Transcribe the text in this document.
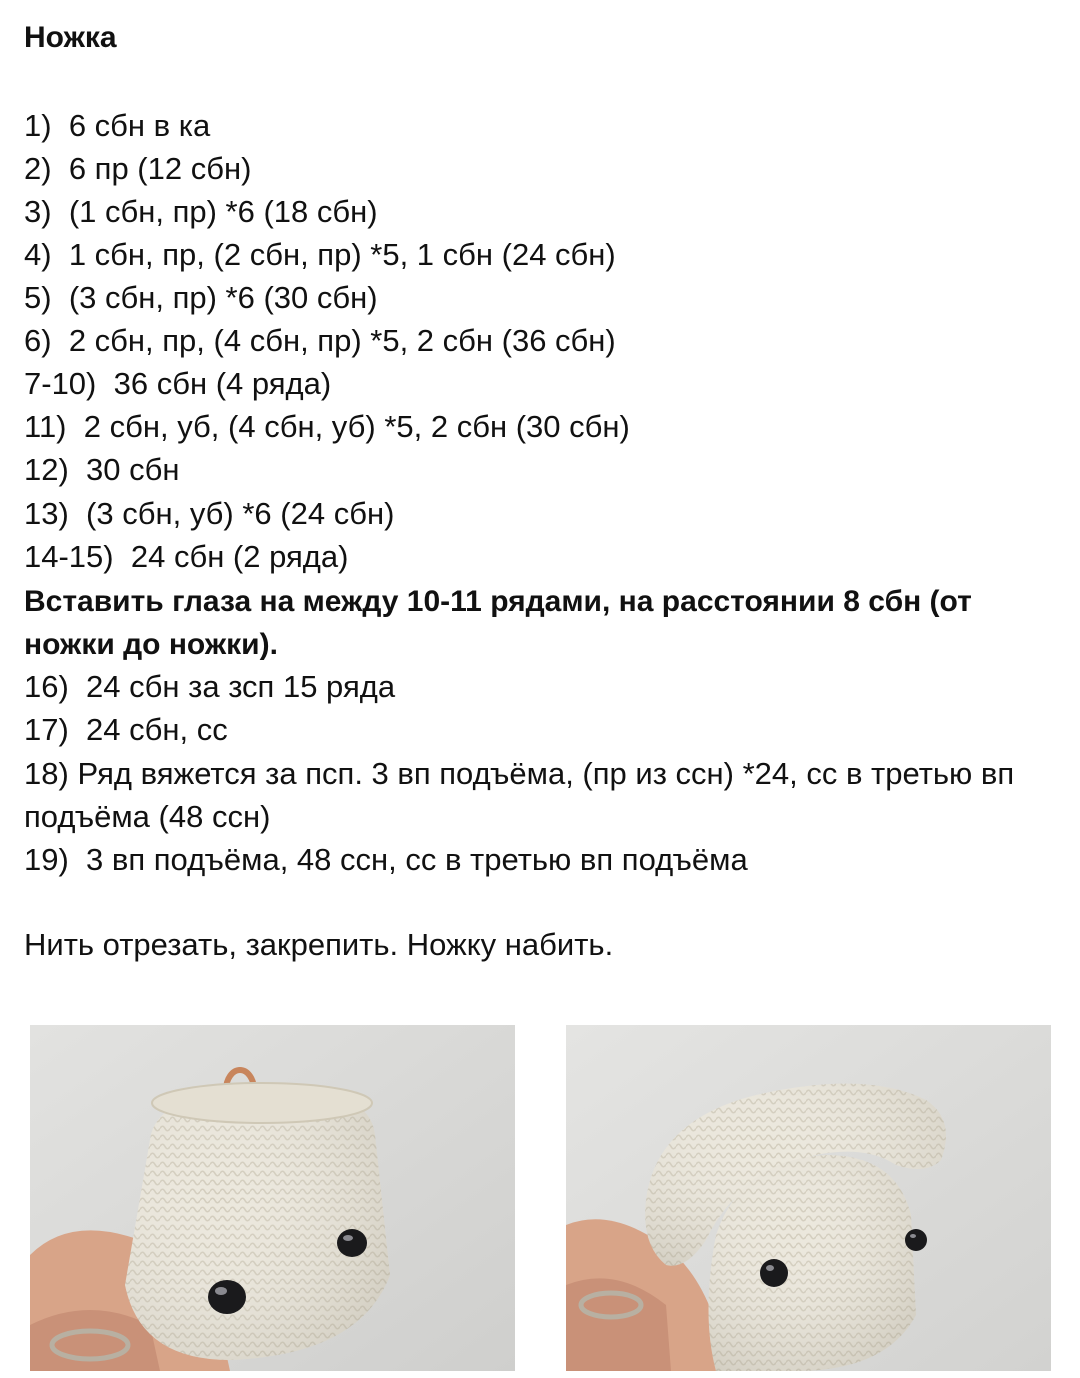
Ножка
1) 6 сбн в ка
2) 6 пр (12 сбн)
3) (1 сбн, пр) *6 (18 сбн)
4) 1 сбн, пр, (2 сбн, пр) *5, 1 сбн (24 сбн)
5) (3 сбн, пр) *6 (30 сбн)
6) 2 сбн, пр, (4 сбн, пр) *5, 2 сбн (36 сбн)
7-10) 36 сбн (4 ряда)
11) 2 сбн, уб, (4 сбн, уб) *5, 2 сбн (30 сбн)
12) 30 сбн
13) (3 сбн, уб) *6 (24 сбн)
14-15) 24 сбн (2 ряда)
Вставить глаза на между 10-11 рядами, на расстоянии 8 сбн (от ножки до ножки).
16) 24 сбн за зсп 15 ряда
17) 24 сбн, сс
18) Ряд вяжется за псп. 3 вп подъёма, (пр из ссн) *24, сс в третью вп подъёма (48 ссн)
19) 3 вп подъёма, 48 ссн, сс в третью вп подъёма
Нить отрезать, закрепить. Ножку набить.
